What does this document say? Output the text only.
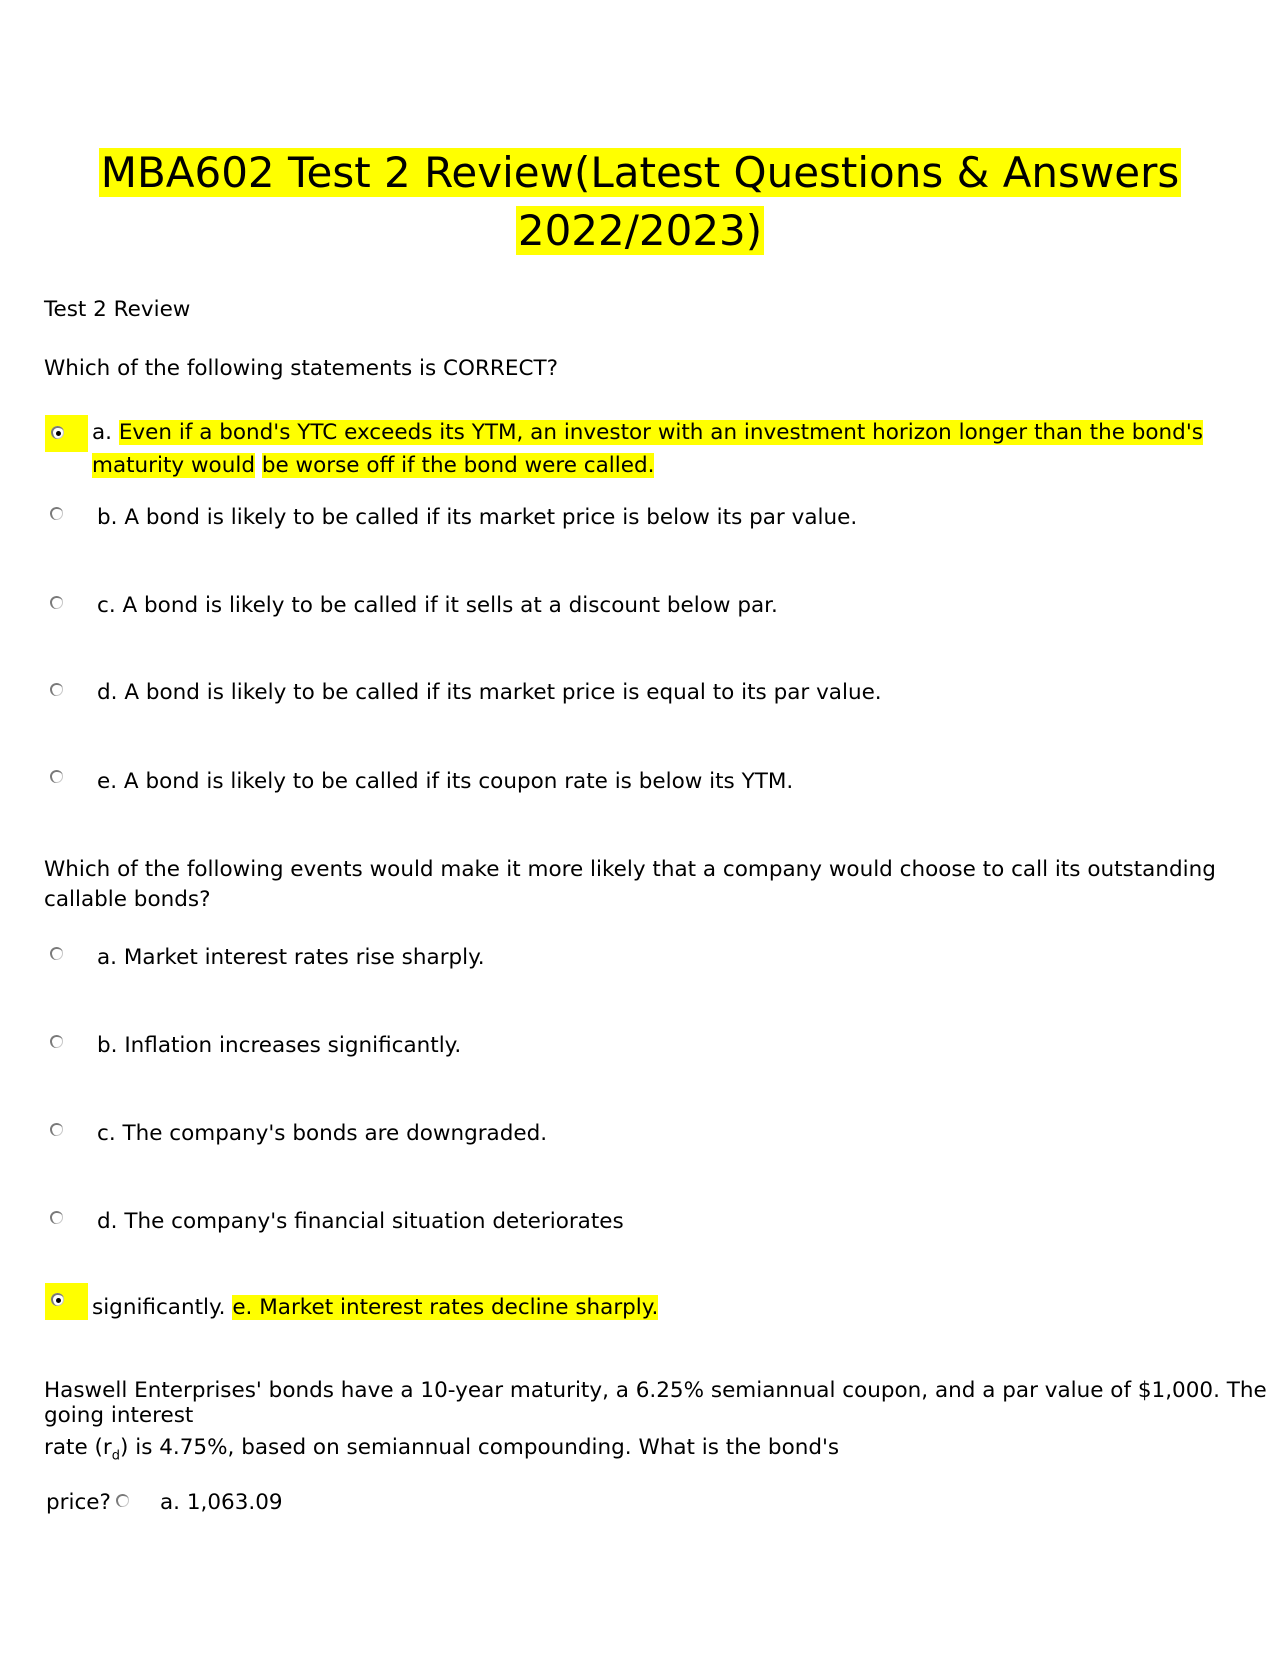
MBA602 Test 2 Review(Latest Questions & Answers
2022/2023)
Test 2 Review
Which of the following statements is CORRECT?
a. Even if a bond's YTC exceeds its YTM, an investor with an investment horizon longer than the bond's
maturity would be worse off if the bond were called.
b. A bond is likely to be called if its market price is below its par value.
c. A bond is likely to be called if it sells at a discount below par.
d. A bond is likely to be called if its market price is equal to its par value.
e. A bond is likely to be called if its coupon rate is below its YTM.
Which of the following events would make it more likely that a company would choose to call its outstanding callable bonds?
a. Market interest rates rise sharply.
b. Inflation increases significantly.
c. The company's bonds are downgraded.
d. The company's financial situation deteriorates
significantly. e. Market interest rates decline sharply.
Haswell Enterprises' bonds have a 10-year maturity, a 6.25% semiannual coupon, and a par value of $1,000. The
going interest
rate $(r_d)$ is 4.75%, based on semiannual compounding. What is the bond's
price? a. 1,063.09
